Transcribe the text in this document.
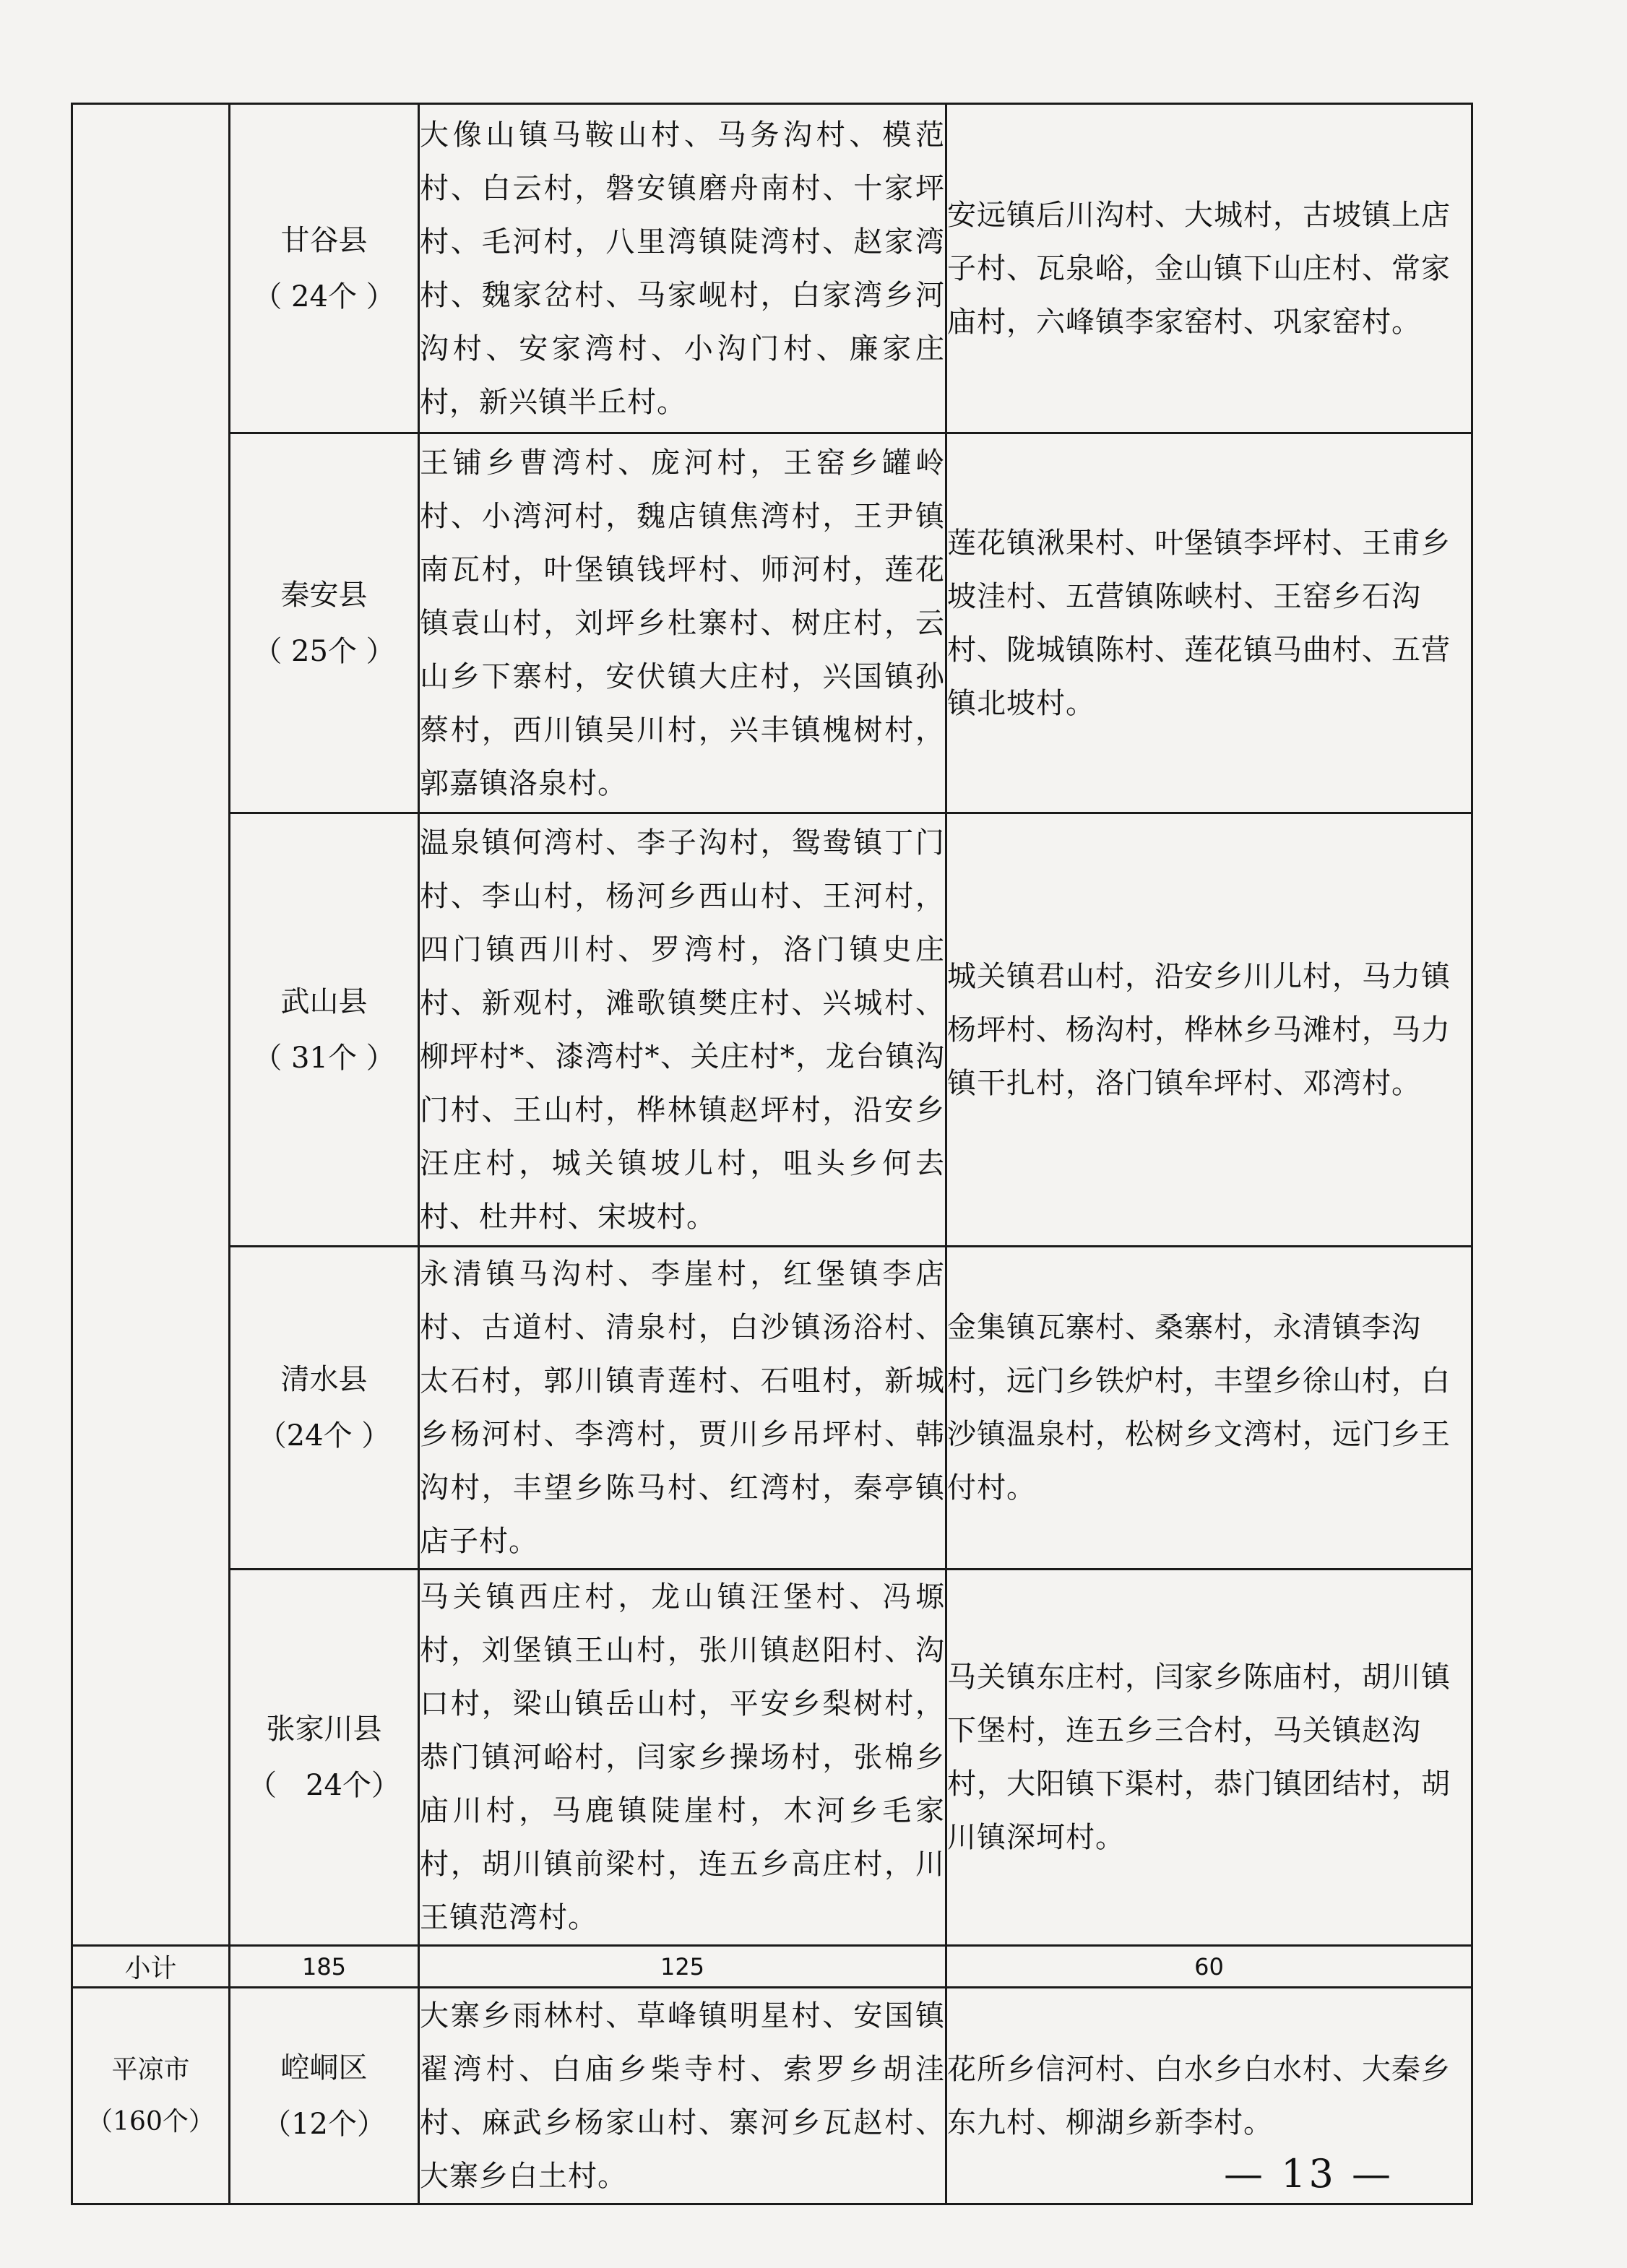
	甘谷县
（ 24个 ）	大像山镇马鞍山村、马务沟村、模范村、白云村，磐安镇磨舟南村、十家坪村、毛河村，八里湾镇陡湾村、赵家湾村、魏家岔村、马家岘村，白家湾乡河沟村、安家湾村、小沟门村、廉家庄村，新兴镇半丘村。	安远镇后川沟村、大城村，古坡镇上店子村、瓦泉峪，金山镇下山庄村、常家庙村，六峰镇李家窑村、巩家窑村。

	秦安县
（ 25个 ）	王铺乡曹湾村、庞河村，王窑乡罐岭村、小湾河村，魏店镇焦湾村，王尹镇南瓦村，叶堡镇钱坪村、师河村，莲花镇袁山村，刘坪乡杜寨村、树庄村，云山乡下寨村，安伏镇大庄村，兴国镇孙蔡村，西川镇吴川村，兴丰镇槐树村，郭嘉镇洛泉村。	莲花镇湫果村、叶堡镇李坪村、王甫乡坡洼村、五营镇陈峡村、王窑乡石沟村、陇城镇陈村、莲花镇马曲村、五营镇北坡村。

	武山县
（ 31个 ）	温泉镇何湾村、李子沟村，鸳鸯镇丁门村、李山村，杨河乡西山村、王河村，四门镇西川村、罗湾村，洛门镇史庄村、新观村，滩歌镇樊庄村、兴城村、柳坪村*、漆湾村*、关庄村*，龙台镇沟门村、王山村，桦林镇赵坪村，沿安乡汪庄村，城关镇坡儿村，咀头乡何去村、杜井村、宋坡村。	城关镇君山村，沿安乡川儿村，马力镇杨坪村、杨沟村，桦林乡马滩村，马力镇干扎村，洛门镇牟坪村、邓湾村。

	清水县
（24个 ）	永清镇马沟村、李崖村，红堡镇李店村、古道村、清泉村，白沙镇汤浴村、太石村，郭川镇青莲村、石咀村，新城乡杨河村、李湾村，贾川乡吊坪村、韩沟村，丰望乡陈马村、红湾村，秦亭镇店子村。	金集镇瓦寨村、桑寨村，永清镇李沟村，远门乡铁炉村，丰望乡徐山村，白沙镇温泉村，松树乡文湾村，远门乡王付村。

	张家川县
（　24个）	马关镇西庄村，龙山镇汪堡村、冯塬村，刘堡镇王山村，张川镇赵阳村、沟口村，梁山镇岳山村，平安乡梨树村，恭门镇河峪村，闫家乡操场村，张棉乡庙川村，马鹿镇陡崖村，木河乡毛家村，胡川镇前梁村，连五乡高庄村，川王镇范湾村。	马关镇东庄村，闫家乡陈庙村，胡川镇下堡村，连五乡三合村，马关镇赵沟村，大阳镇下渠村，恭门镇团结村，胡川镇深坷村。
小计	185	125	60

平凉市
（160个）	崆峒区
（12个）	大寨乡雨林村、草峰镇明星村、安国镇翟湾村、白庙乡柴寺村、索罗乡胡洼村、麻武乡杨家山村、寨河乡瓦赵村、大寨乡白土村。	花所乡信河村、白水乡白水村、大秦乡东九村、柳湖乡新李村。
— 13 —
